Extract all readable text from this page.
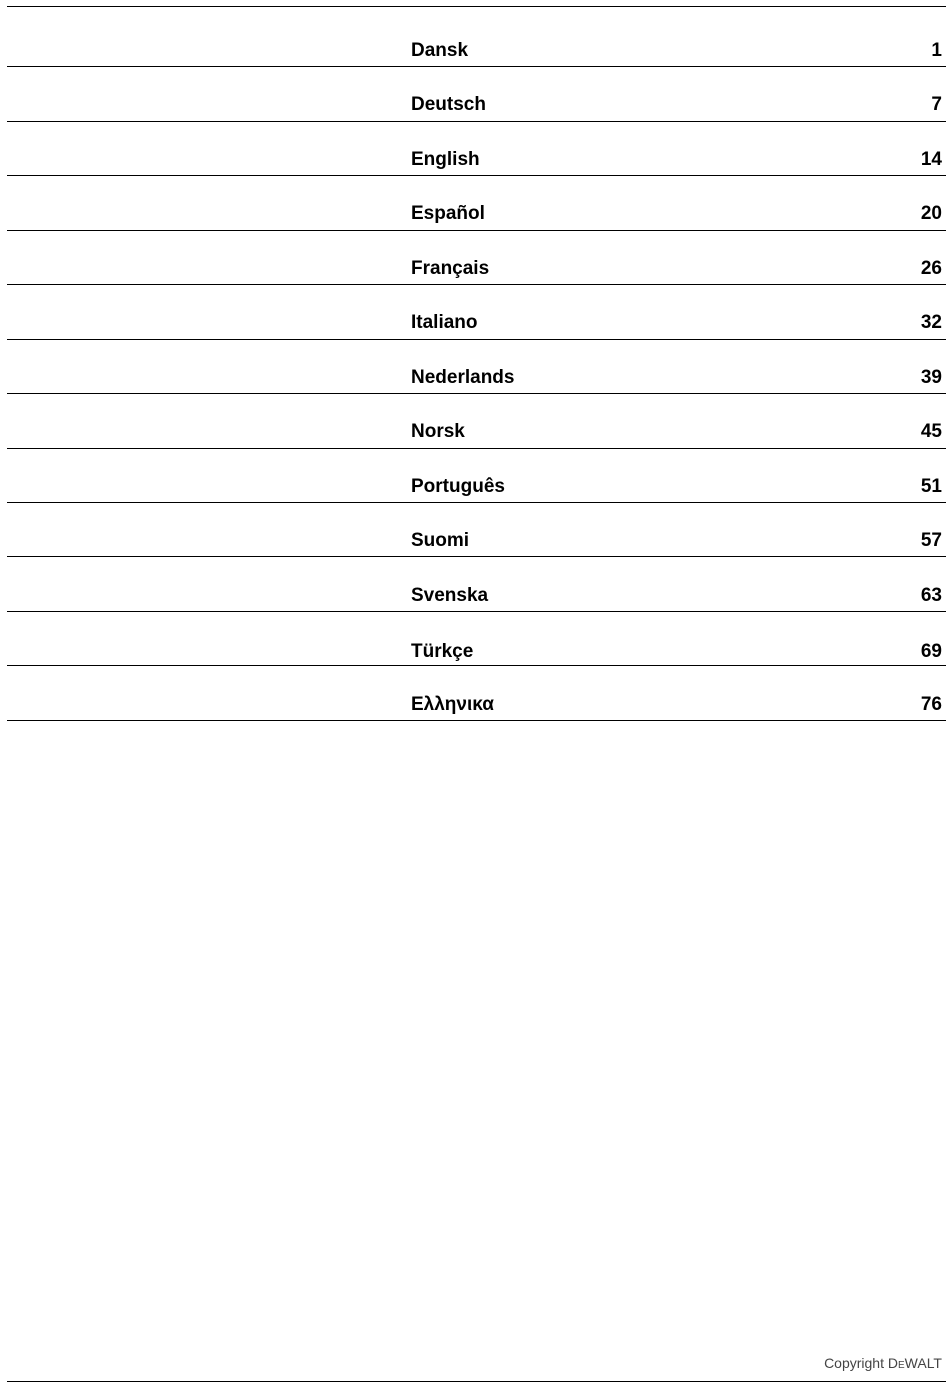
Dansk	1
Deutsch	7
English	14
Español	20
Français	26
Italiano	32
Nederlands	39
Norsk	45
Português	51
Suomi	57
Svenska	63
Türkçe	69
Ελληνικα	76
Copyright DeWALT
